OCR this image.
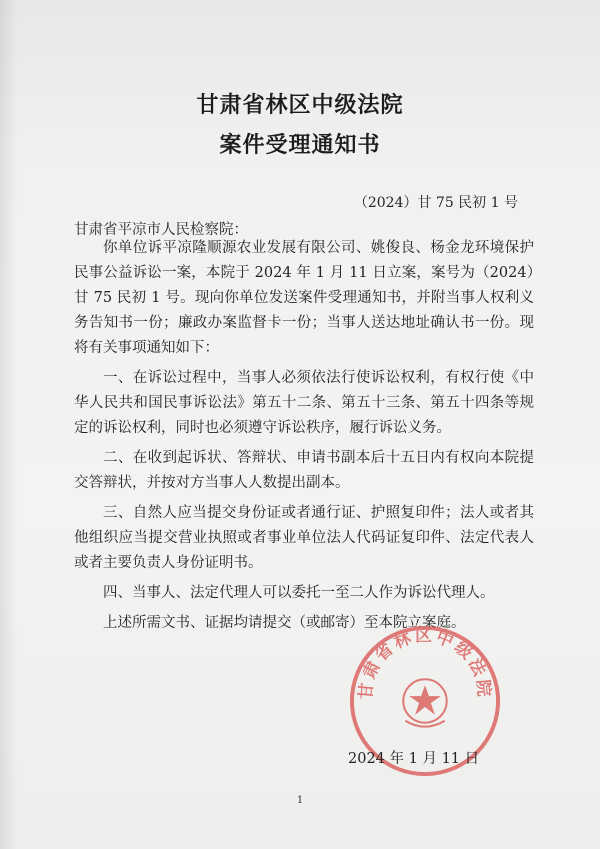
甘肃省林区中级法院
案件受理通知书
（2024）甘 75 民初 1 号
甘肃省平凉市人民检察院：

你单位诉平凉隆顺源农业发展有限公司、姚俊良、杨金龙环境保护民事公益诉讼一案，本院于 2024 年 1 月 11 日立案，案号为（2024）甘 75 民初 1 号。现向你单位发送案件受理通知书，并附当事人权利义务告知书一份；廉政办案监督卡一份；当事人送达地址确认书一份。现将有关事项通知如下：

一、在诉讼过程中，当事人必须依法行使诉讼权利，有权行使《中华人民共和国民事诉讼法》第五十二条、第五十三条、第五十四条等规定的诉讼权利，同时也必须遵守诉讼秩序，履行诉讼义务。

二、在收到起诉状、答辩状、申请书副本后十五日内有权向本院提交答辩状，并按对方当事人人数提出副本。

三、自然人应当提交身份证或者通行证、护照复印件；法人或者其他组织应当提交营业执照或者事业单位法人代码证复印件、法定代表人或者主要负责人身份证明书。

四、当事人、法定代理人可以委托一至二人作为诉讼代理人。

上述所需文书、证据均请提交（或邮寄）至本院立案庭。

甘肃省林区中级法院
2024 年 1 月 11 日
1
